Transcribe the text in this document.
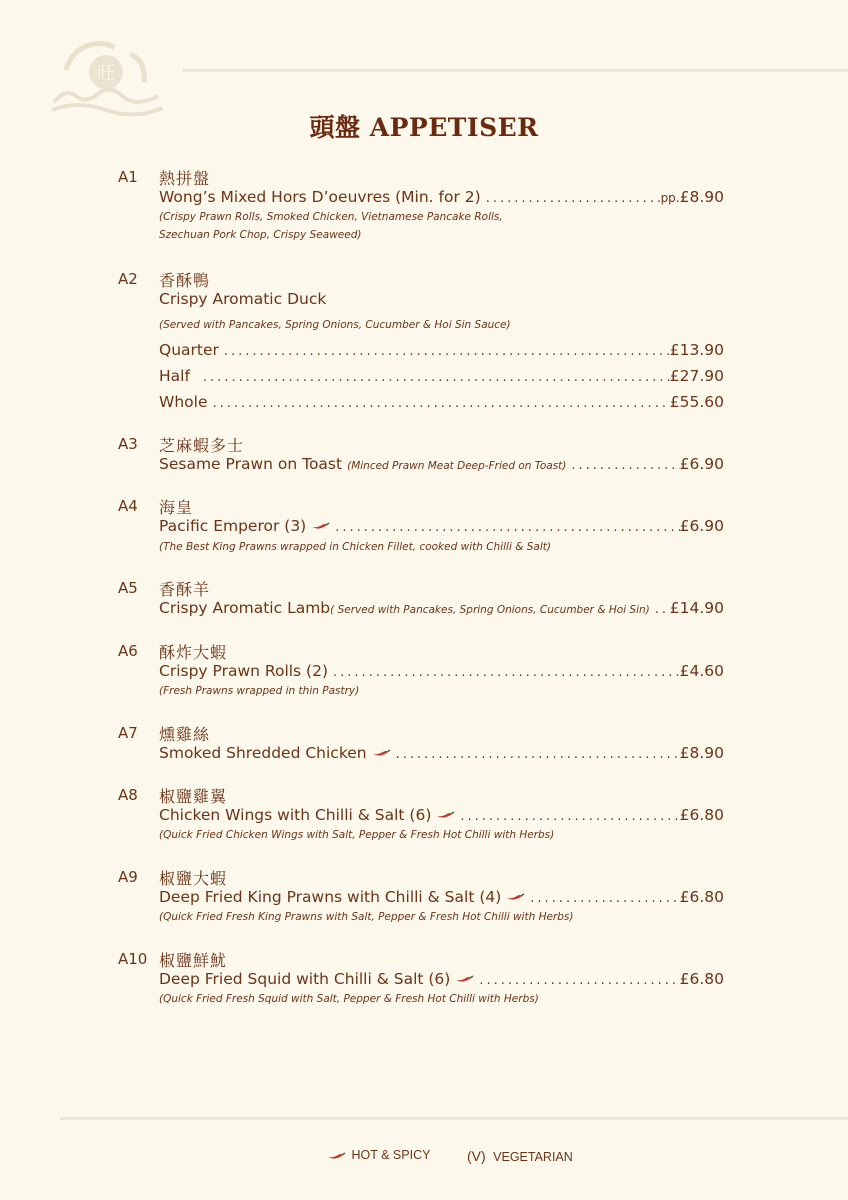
旺
頭盤 APPETISER
A1 熱拼盤
Wong’s Mixed Hors D’oeuvres (Min. for 2) .....	pp. £8.90
(Crispy Prawn Rolls, Smoked Chicken, Vietnamese Pancake Rolls,
Szechuan Pork Chop, Crispy Seaweed)
A2 香酥鴨
Crispy Aromatic Duck
(Served with Pancakes, Spring Onions, Cucumber & Hoi Sin Sauce)
Quarter .....	£13.90
Half .....	£27.90
Whole .....	£55.60
A3 芝麻蝦多士
Sesame Prawn on Toast (Minced Prawn Meat Deep-Fried on Toast) .....	£6.90
A4 海皇
Pacific Emperor (3) .....	£6.90
(The Best King Prawns wrapped in Chicken Fillet, cooked with Chilli & Salt)
A5 香酥羊
Crispy Aromatic Lamb ( Served with Pancakes, Spring Onions, Cucumber & Hoi Sin) ..... £14.90
A6 酥炸大蝦
Crispy Prawn Rolls (2) .....	£4.60
(Fresh Prawns wrapped in thin Pastry)
A7 燻雞絲
Smoked Shredded Chicken .....	£8.90
A8 椒鹽雞翼
Chicken Wings with Chilli & Salt (6) .....	£6.80
(Quick Fried Chicken Wings with Salt, Pepper & Fresh Hot Chilli with Herbs)
A9 椒鹽大蝦
Deep Fried King Prawns with Chilli & Salt (4) .....	£6.80
(Quick Fried Fresh King Prawns with Salt, Pepper & Fresh Hot Chilli with Herbs)
A10 椒鹽鮮魷
Deep Fried Squid with Chilli & Salt (6) .....	£6.80
(Quick Fried Fresh Squid with Salt, Pepper & Fresh Hot Chilli with Herbs)
HOT & SPICY	(V) VEGETARIAN
